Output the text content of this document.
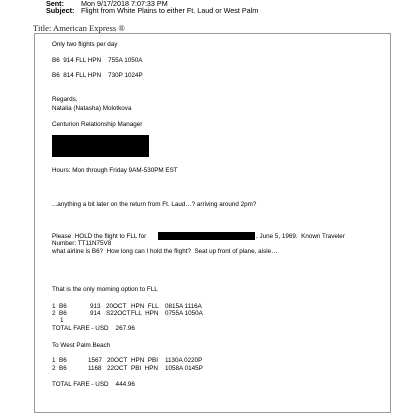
Sent: Mon 9/17/2018 7:07:33 PM
Subject: Flight from White Plains to either Ft. Laud or West Palm
Title: American Express ®
Only two flights per day
B6  914 FLL HPN    755A 1050A
B6  814 FLL HPN    730P 1024P
Regards,
Natalia (Natasha) Molotkova
Centurion Relationship Manager
Hours: Mon through Friday 9AM-530PM EST
...anything a bit later on the return from Ft. Laud…? arriving around 2pm?
Please  HOLD the flight to FLL for	, June 5, 1969.  Known Traveler
Number: TT11N75V8
what airline is B6?  How long can I hold the flight?  Seat up front of plane, aisle…
That is the only morning option to FLL
1 B6	913 20OCT HPN  FLL 0815A 1116A
2 B6	914 S22OCT FLL  HPN 0755A 1050A
1
TOTAL FARE - USD    267.96
To West Palm Beach
1 B6	1567 20OCT HPN  PBI 1130A 0220P
2 B6	1168 22OCT PBI  HPN 1058A 0145P
TOTAL FARE - USD    444.96
